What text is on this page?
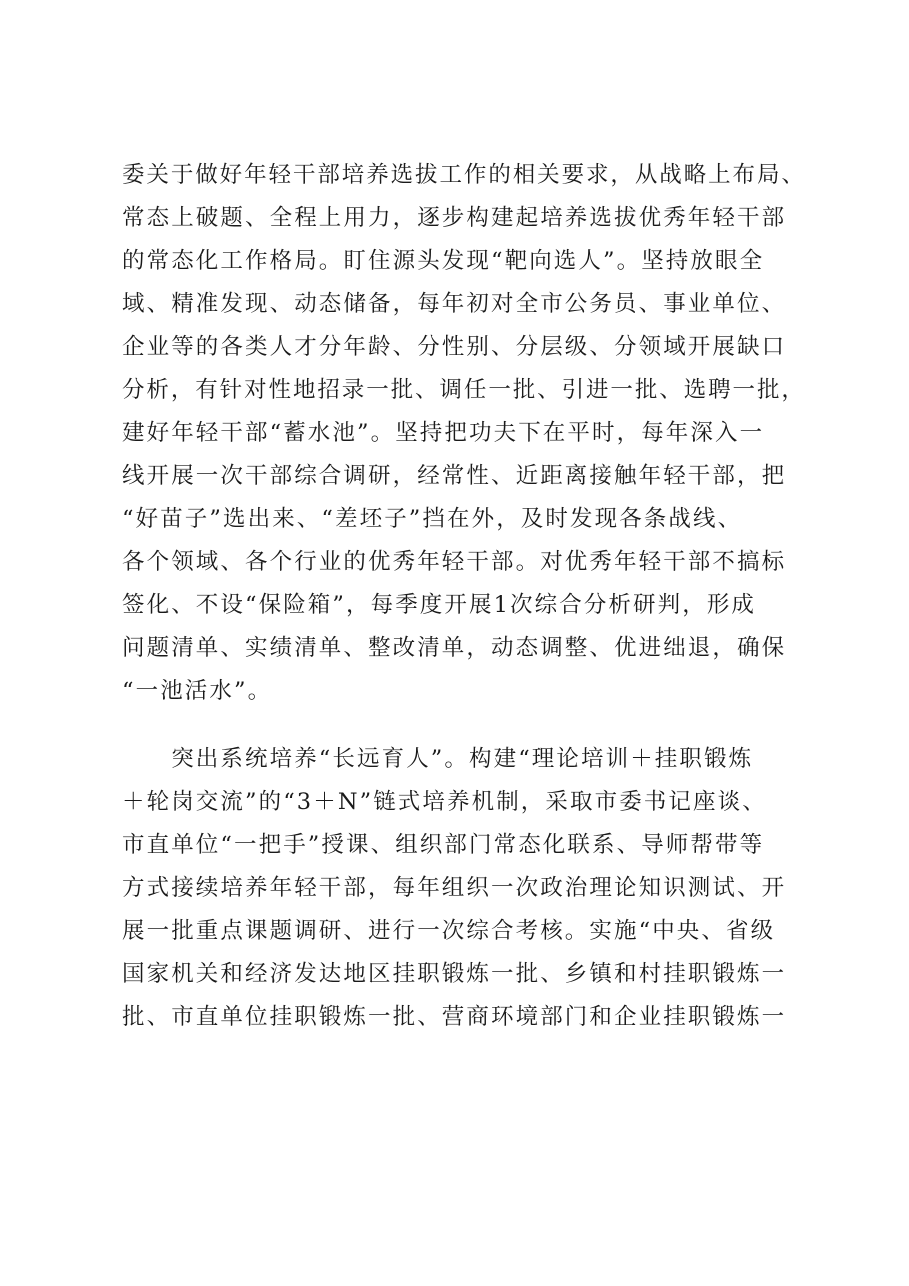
委关于做好年轻干部培养选拔工作的相关要求，从战略上布局、
常态上破题、全程上用力，逐步构建起培养选拔优秀年轻干部
的常态化工作格局。盯住源头发现“靶向选人”。坚持放眼全
域、精准发现、动态储备，每年初对全市公务员、事业单位、
企业等的各类人才分年龄、分性别、分层级、分领域开展缺口
分析，有针对性地招录一批、调任一批、引进一批、选聘一批，
建好年轻干部“蓄水池”。坚持把功夫下在平时，每年深入一
线开展一次干部综合调研，经常性、近距离接触年轻干部，把
“好苗子”选出来、“差坯子”挡在外，及时发现各条战线、
各个领域、各个行业的优秀年轻干部。对优秀年轻干部不搞标
签化、不设“保险箱”，每季度开展1次综合分析研判，形成
问题清单、实绩清单、整改清单，动态调整、优进绌退，确保
“一池活水”。
　　突出系统培养“长远育人”。构建“理论培训＋挂职锻炼
＋轮岗交流”的“3＋N”链式培养机制，采取市委书记座谈、
市直单位“一把手”授课、组织部门常态化联系、导师帮带等
方式接续培养年轻干部，每年组织一次政治理论知识测试、开
展一批重点课题调研、进行一次综合考核。实施“中央、省级
国家机关和经济发达地区挂职锻炼一批、乡镇和村挂职锻炼一
批、市直单位挂职锻炼一批、营商环境部门和企业挂职锻炼一
